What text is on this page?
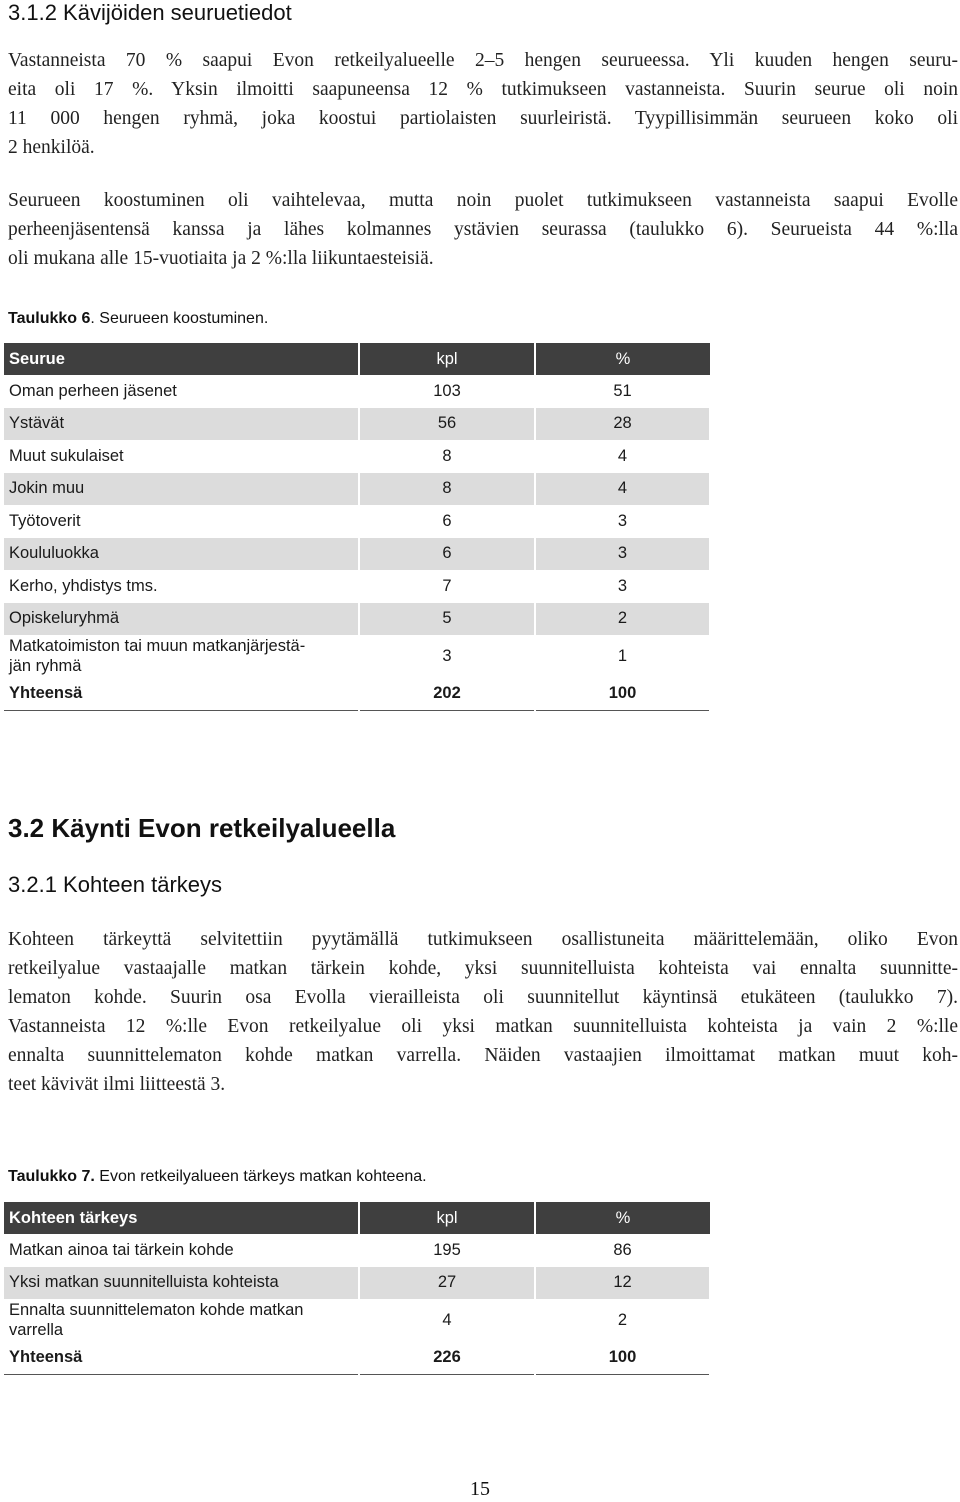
3.1.2 Kävijöiden seuruetiedot
Vastanneista 70 % saapui Evon retkeilyalueelle 2–5 hengen seurueessa. Yli kuuden hengen seuru-
eita oli 17 %. Yksin ilmoitti saapuneensa 12 % tutkimukseen vastanneista. Suurin seurue oli noin
11 000 hengen ryhmä, joka koostui partiolaisten suurleiristä. Tyypillisimmän seurueen koko oli
2 henkilöä.
Seurueen koostuminen oli vaihtelevaa, mutta noin puolet tutkimukseen vastanneista saapui Evolle
perheenjäsentensä kanssa ja lähes kolmannes ystävien seurassa (taulukko 6). Seurueista 44 %:lla
oli mukana alle 15-vuotiaita ja 2 %:lla liikuntaesteisiä.

Taulukko 6. Seurueen koostuminen.

Seurue	kpl	%
Oman perheen jäsenet	103	51
Ystävät	56	28
Muut sukulaiset	8	4
Jokin muu	8	4
Työtoverit	6	3
Koululuokka	6	3
Kerho, yhdistys tms.	7	3
Opiskeluryhmä	5	2
Matkatoimiston tai muun matkanjärjestä-
jän ryhmä	3	1
Yhteensä	202	100
3.2 Käynti Evon retkeilyalueella
3.2.1 Kohteen tärkeys
Kohteen tärkeyttä selvitettiin pyytämällä tutkimukseen osallistuneita määrittelemään, oliko Evon
retkeilyalue vastaajalle matkan tärkein kohde, yksi suunnitelluista kohteista vai ennalta suunnitte-
lematon kohde. Suurin osa Evolla vierailleista oli suunnitellut käyntinsä etukäteen (taulukko 7).
Vastanneista 12 %:lle Evon retkeilyalue oli yksi matkan suunnitelluista kohteista ja vain 2 %:lle
ennalta suunnittelematon kohde matkan varrella. Näiden vastaajien ilmoittamat matkan muut koh-
teet kävivät ilmi liitteestä 3.

Taulukko 7. Evon retkeilyalueen tärkeys matkan kohteena.

Kohteen tärkeys	kpl	%
Matkan ainoa tai tärkein kohde	195	86
Yksi matkan suunnitelluista kohteista	27	12
Ennalta suunnittelematon kohde matkan
varrella	4	2
Yhteensä	226	100
15
